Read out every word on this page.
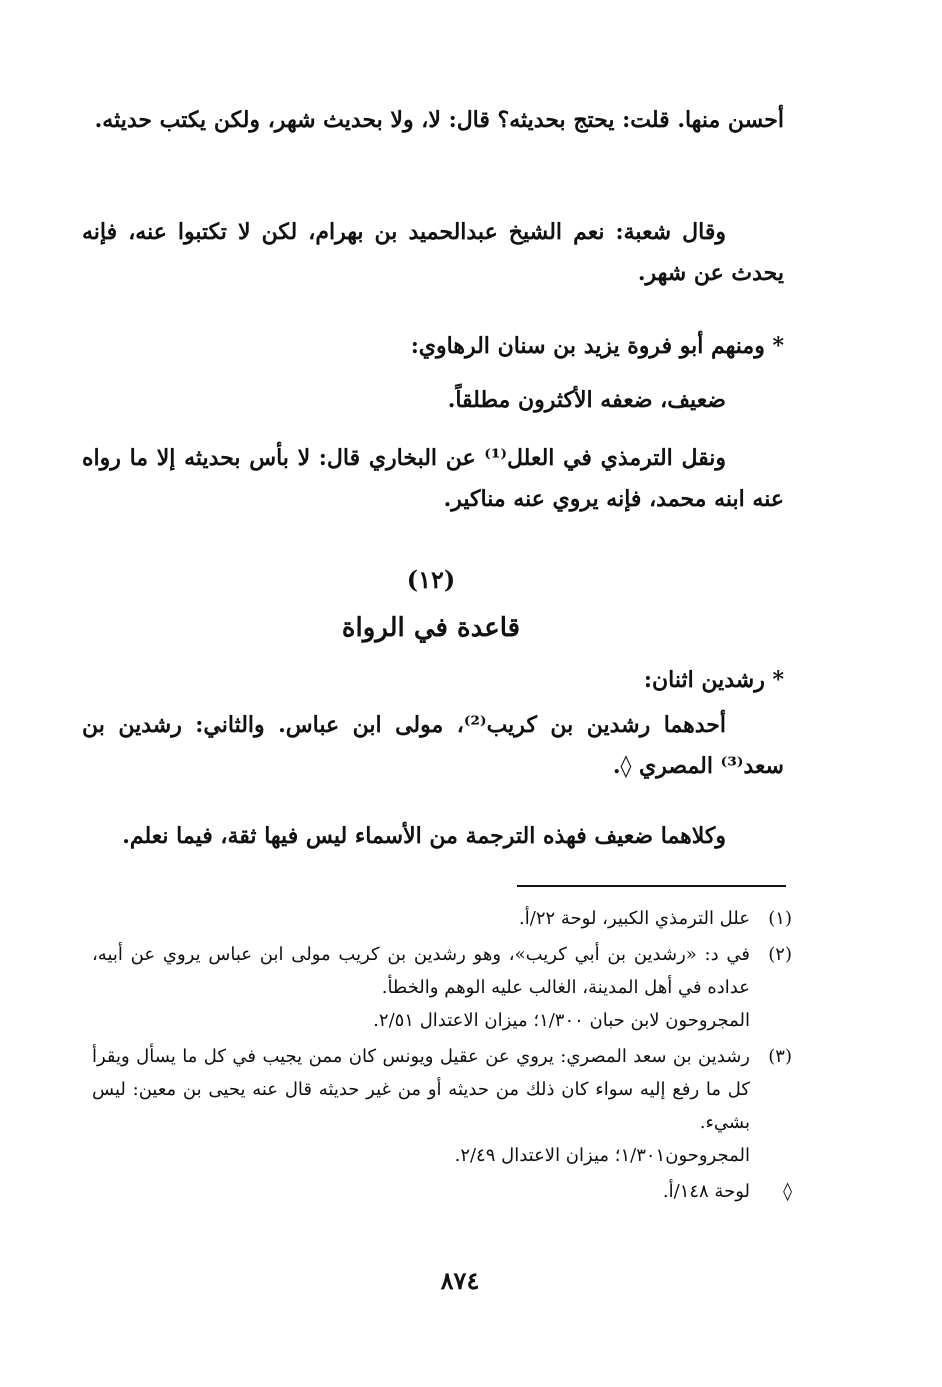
أحسن منها. قلت: يحتج بحديثه؟ قال: لا، ولا بحديث شهر، ولكن يكتب حديثه.

وقال شعبة: نعم الشيخ عبدالحميد بن بهرام، لكن لا تكتبوا عنه، فإنه يحدث عن شهر.

* ومنهم أبو فروة يزيد بن سنان الرهاوي:

ضعيف، ضعفه الأكثرون مطلقاً.

ونقل الترمذي في العلل⁽¹⁾ عن البخاري قال: لا بأس بحديثه إلا ما رواه عنه ابنه محمد، فإنه يروي عنه مناكير.

(١٢)
قاعدة في الرواة

* رشدين اثنان:

أحدهما رشدين بن كريب⁽²⁾، مولى ابن عباس. والثاني: رشدين بن سعد⁽³⁾ المصري ◊.

وكلاهما ضعيف فهذه الترجمة من الأسماء ليس فيها ثقة، فيما نعلم.

(١)

علل الترمذي الكبير، لوحة ٢٢/أ.

(٢)

في د: «رشدين بن أبي كريب»، وهو رشدين بن كريب مولى ابن عباس يروي عن أبيه، عداده في أهل المدينة، الغالب عليه الوهم والخطأ.

المجروحون لابن حبان ١/٣٠٠؛ ميزان الاعتدال ٢/٥١.

(٣)

رشدين بن سعد المصري: يروي عن عقيل ويونس كان ممن يجيب في كل ما يسأل ويقرأ كل ما رفع إليه سواء كان ذلك من حديثه أو من غير حديثه قال عنه يحيى بن معين: ليس بشيء.

المجروحون١/٣٠١؛ ميزان الاعتدال ٢/٤٩.

◊

لوحة ١٤٨/أ.

٨٧٤
